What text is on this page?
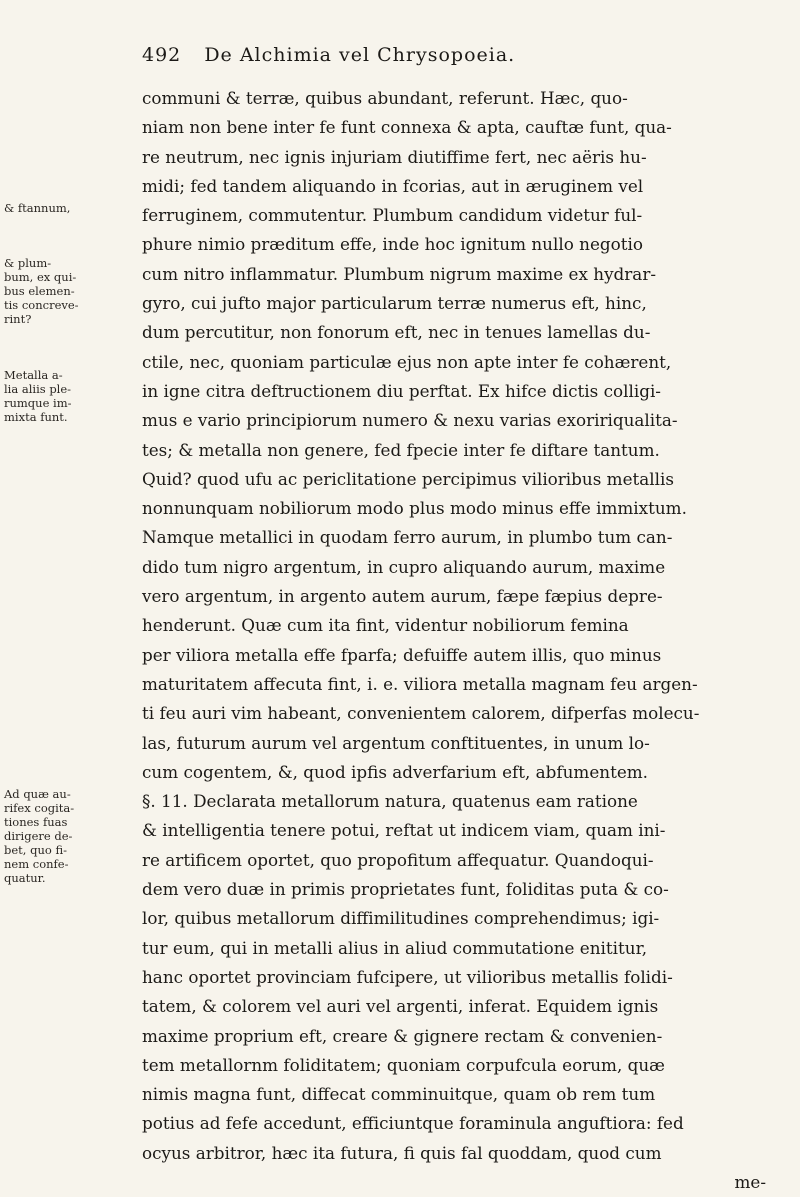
492 De Alchimia vel Chrysopoeia.
& ftannum,
& plum-
bum, ex qui-
bus elemen-
tis concreve-
rint?
Metalla a-
lia aliis ple-
rumque im-
mixta funt.
Ad quæ au-
rifex cogita-
tiones fuas
dirigere de-
bet, quo fi-
nem confe-
quatur.
communi & terræ, quibus abundant, referunt. Hæc, quo-
niam non bene inter fe funt connexa & apta, cauftæ funt, qua-
re neutrum, nec ignis injuriam diutiffime fert, nec aëris hu-
midi; fed tandem aliquando in fcorias, aut in æruginem vel
ferruginem, commutentur. Plumbum candidum videtur ful-
phure nimio præditum effe, inde hoc ignitum nullo negotio
cum nitro inflammatur. Plumbum nigrum maxime ex hydrar-
gyro, cui jufto major particularum terræ numerus eft, hinc,
dum percutitur, non fonorum eft, nec in tenues lamellas du-
ctile, nec, quoniam particulæ ejus non apte inter fe cohærent,
in igne citra deftructionem diu perftat. Ex hifce dictis colligi-
mus e vario principiorum numero & nexu varias exoririqualita-
tes; & metalla non genere, fed fpecie inter fe diftare tantum.
Quid? quod ufu ac periclitatione percipimus vilioribus metallis
nonnunquam nobiliorum modo plus modo minus effe immixtum.
Namque metallici in quodam ferro aurum, in plumbo tum can-
dido tum nigro argentum, in cupro aliquando aurum, maxime
vero argentum, in argento autem aurum, fæpe fæpius depre-
henderunt. Quæ cum ita fint, videntur nobiliorum femina
per viliora metalla effe fparfa; defuiffe autem illis, quo minus
maturitatem affecuta fint, i. e. viliora metalla magnam feu argen-
ti feu auri vim habeant, convenientem calorem, difperfas molecu-
las, futurum aurum vel argentum conftituentes, in unum lo-
cum cogentem, &, quod ipfis adverfarium eft, abfumentem.
§. 11. Declarata metallorum natura, quatenus eam ratione
& intelligentia tenere potui, reftat ut indicem viam, quam ini-
re artificem oportet, quo propofitum affequatur. Quandoqui-
dem vero duæ in primis proprietates funt, foliditas puta & co-
lor, quibus metallorum diffimilitudines comprehendimus; igi-
tur eum, qui in metalli alius in aliud commutatione enititur,
hanc oportet provinciam fufcipere, ut vilioribus metallis folidi-
tatem, & colorem vel auri vel argenti, inferat. Equidem ignis
maxime proprium eft, creare & gignere rectam & convenien-
tem metallornm foliditatem; quoniam corpufcula eorum, quæ
nimis magna funt, diffecat comminuitque, quam ob rem tum
potius ad fefe accedunt, efficiuntque foraminula anguftiora: fed
ocyus arbitror, hæc ita futura, fi quis fal quoddam, quod cum
me-
